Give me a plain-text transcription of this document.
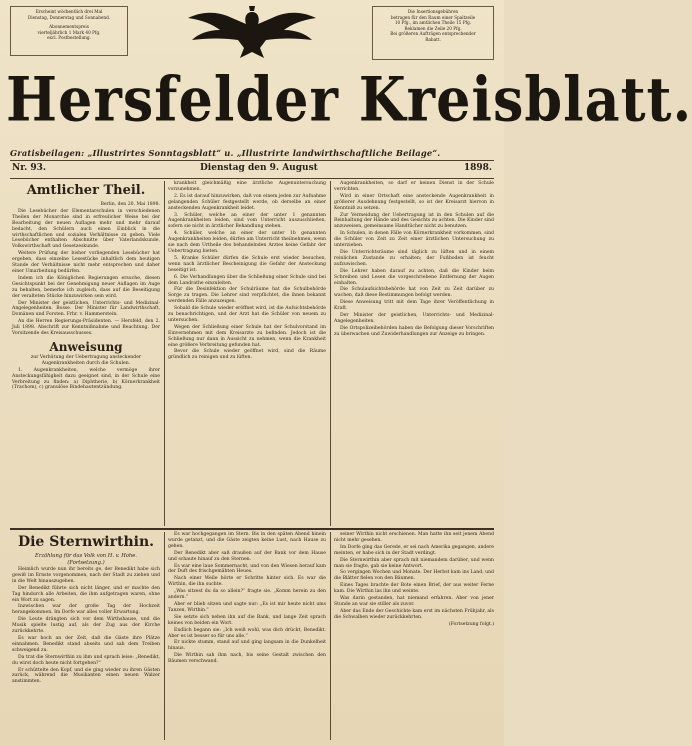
Erscheint wöchentlich drei Mal
Dienstag, Donnerstag und Sonnabend.
Abonnementspreis
vierteljährlich 1 Mark 40 Pfg.
excl. Postbestellung.
Die Insertionsgebühren
betragen für den Raum einer Spaltzeile
10 Pfg., im amtlichen Theile 15 Pfg.
Reklamen die Zeile 20 Pfg.
Bei größeren Aufträgen entsprechender
Rabatt.
Hersfelder Kreisblatt.
Gratisbeilagen: „Illustrirtes Sonntagsblatt“ u. „Illustrirte landwirthschaftliche Beilage“.
Nr. 93.	Dienstag den 9. August	1898.
Amtlicher Theil.

Berlin, den 20. Mai 1898.

Die Lesebücher der Elementarschulen in verschiedenen Theilen der Monarchie sind in erfreulicher Weise bei der Bearbeitung der neuen Auflagen mehr und mehr darauf bedacht, den Schülern auch einen Einblick in die wirthschaftlichen und sozialen Verhältnisse zu geben. Viele Lesebücher enthalten Abschnitte über Vaterlandskunde, Volkswirthschaft und Gesetzeskunde.

Weitere Prüfung der bisher vorliegenden Lesebücher hat ergeben, dass einzelne Lesestücke inhaltlich dem heutigen Stande der Verhältnisse nicht mehr entsprechen und daher einer Umarbeitung bedürfen.

Indem ich die Königlichen Regierungen ersuche, diesen Gesichtspunkt bei der Genehmigung neuer Auflagen im Auge zu behalten, bemerke ich zugleich, dass auf die Beseitigung der veralteten Stücke hinzuwirken sein wird.

Der Minister der geistlichen, Unterrichts- und Medizinal-Angelegenheiten. Bosse. Der Minister für Landwirthschaft, Domänen und Forsten. Frhr. v. Hammerstein.

An die Herren Regierungs-Präsidenten. — Hersfeld, den 2. Juli 1898. Abschrift zur Kenntnißnahme und Beachtung. Der Vorsitzende des Kreisausschusses.

Anweisung

zur Verhütung der Uebertragung ansteckender Augenkrankheiten durch die Schulen.

1. Augenkrankheiten, welche vermöge ihrer Ansteckungsfähigkeit dazu geeignet sind, in der Schule eine Verbreitung zu finden: a) Diphtherie, b) Körnerkrankheit (Trachom), c) granulöse Bindehautentzündung.

krankheit gleichmäßig eine ärztliche Augenuntersuchung vorzunehmen.

2. Es ist darauf hinzuwirken, daß von einem jeden zur Aufnahme gelangenden Schüler festgestellt werde, ob derselbe an einer ansteckenden Augenkrankheit leidet.

3. Schüler, welche an einer der unter 1 genannten Augenkrankheiten leiden, sind vom Unterricht auszuschließen, sofern sie nicht in ärztlicher Behandlung stehen.

4. Schüler, welche an einer der unter 1b genannten Augenkrankheiten leiden, dürfen am Unterricht theilnehmen, wenn sie nach dem Urtheile des behandelnden Arztes keine Gefahr der Uebertragung bieten.

5. Kranke Schüler dürfen die Schule erst wieder besuchen, wenn nach ärztlicher Bescheinigung die Gefahr der Ansteckung beseitigt ist.

6. Die Verhandlungen über die Schließung einer Schule sind bei dem Landrathe einzuleiten.

Für die Desinfektion der Schulräume hat die Schulbehörde Sorge zu tragen. Die Lehrer sind verpflichtet, die ihnen bekannt werdenden Fälle anzuzeigen.

Sobald die Schule wieder eröffnet wird, ist die Aufsichtsbehörde zu benachrichtigen, und der Arzt hat die Schüler von neuem zu untersuchen.

Wegen der Schließung einer Schule hat der Schulvorstand im Einvernehmen mit dem Kreisarzte zu befinden. Jedoch ist die Schließung nur dann in Aussicht zu nehmen, wenn die Krankheit eine größere Verbreitung gefunden hat.

Bevor die Schule wieder geöffnet wird, sind die Räume gründlich zu reinigen und zu lüften.

Augenkrankheiten, so darf er keinen Dienst in der Schule verrichten.

Wird in einer Ortschaft eine ansteckende Augenkrankheit in größerer Ausdehnung festgestellt, so ist der Kreisarzt hiervon in Kenntniß zu setzen.

Zur Vermeidung der Uebertragung ist in den Schulen auf die Reinhaltung der Hände und des Gesichts zu achten. Die Kinder sind anzuweisen, gemeinsame Handtücher nicht zu benutzen.

In Schulen, in denen Fälle von Körnerkrankheit vorkommen, sind die Schüler von Zeit zu Zeit einer ärztlichen Untersuchung zu unterziehen.

Die Unterrichtsräume sind täglich zu lüften und in einem reinlichen Zustande zu erhalten; der Fußboden ist feucht aufzuwischen.

Die Lehrer haben darauf zu achten, daß die Kinder beim Schreiben und Lesen die vorgeschriebene Entfernung der Augen einhalten.

Die Schulaufsichtsbehörde hat von Zeit zu Zeit darüber zu wachen, daß diese Bestimmungen befolgt werden.

Diese Anweisung tritt mit dem Tage ihrer Veröffentlichung in Kraft.

Der Minister der geistlichen, Unterrichts- und Medizinal-Angelegenheiten.

Die Ortspolizeibehörden haben die Befolgung dieser Vorschriften zu überwachen und Zuwiderhandlungen zur Anzeige zu bringen.

Die Sternwirthin.
Erzählung für das Volk von H. v. Hohe.
(Fortsetzung.)

Heimlich wurde nun ihr bereits ge, der Benedikt habe sich gewiß im Ernste vorgenommen, nach der Stadt zu ziehen und in die Welt hinauszugehen.

Der Benedikt führte sich nicht länger, und er machte den Tag hindurch alle Arbeiten, die ihm aufgetragen waren, ohne ein Wort zu sagen.

Inzwischen war der große Tag der Hochzeit herangekommen. Im Dorfe war alles voller Erwartung.

Die Leute drängten sich vor dem Wirthshause, und die Musik spielte lustig auf, als der Zug aus der Kirche zurückkehrte.

Es war hoch an der Zeit, daß die Gäste ihre Plätze einnahmen. Benedikt stand abseits und sah dem Treiben schweigend zu.

Da trat die Sternwirthin zu ihm und sprach leise: „Benedikt, du wirst doch heute nicht fortgehen?“

Er schüttelte den Kopf, und sie ging wieder zu ihren Gästen zurück, während die Musikanten einen neuen Walzer anstimmten.

Es war hochgegangen im Stern. Bis in den späten Abend hinein wurde getanzt, und die Gäste zeigten keine Lust, nach Hause zu gehen.

Der Benedikt aber saß draußen auf der Bank vor dem Hause und schaute hinauf zu den Sternen.

Es war eine laue Sommernacht, und von den Wiesen herauf kam der Duft des frischgemähten Heues.

Nach einer Weile hörte er Schritte hinter sich. Es war die Wirthin, die ihn suchte.

„Was sitzest du da so allein?“ fragte sie. „Komm herein zu den andern.“

Aber er blieb sitzen und sagte nur: „Es ist mir heute nicht ums Tanzen, Wirthin.“

Sie setzte sich neben ihn auf die Bank, und lange Zeit sprach keines von beiden ein Wort.

Endlich begann sie: „Ich weiß wohl, was dich drückt, Benedikt. Aber es ist besser so für uns alle.“

Er nickte stumm, stand auf und ging langsam in die Dunkelheit hinaus.

Die Wirthin sah ihm nach, bis seine Gestalt zwischen den Bäumen verschwand.

seiner Wirthin nicht erschienen. Man hatte ihn seit jenem Abend nicht mehr gesehen.

Im Dorfe ging das Gerede, er sei nach Amerika gegangen, andere meinten, er habe sich in der Stadt verdingt.

Die Sternwirthin aber sprach mit niemandem darüber, und wenn man sie fragte, gab sie keine Antwort.

So vergingen Wochen und Monate. Der Herbst kam ins Land, und die Blätter fielen von den Bäumen.

Eines Tages brachte der Bote einen Brief, der aus weiter Ferne kam. Die Wirthin las ihn und weinte.

Was darin gestanden, hat niemand erfahren. Aber von jener Stunde an war sie stiller als zuvor.

Aber das Ende der Geschichte kam erst im nächsten Frühjahr, als die Schwalben wieder zurückkehrten.

(Fortsetzung folgt.)
